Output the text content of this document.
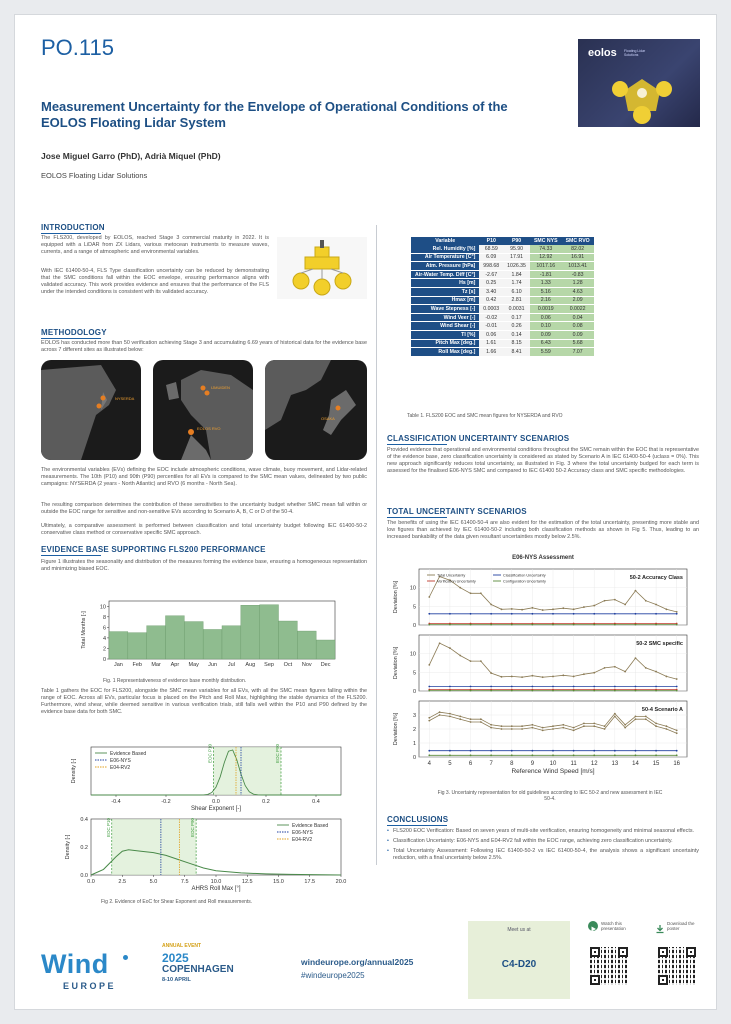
PO.115	eolos Floating Lidar Solutions
Measurement Uncertainty for the Envelope of Operational Conditions of the EOLOS Floating Lidar System
Jose Miguel Garro (PhD), Adrià Miquel (PhD)
EOLOS Floating Lidar Solutions
INTRODUCTION
The FLS200, developed by EOLOS, reached Stage 3 commercial maturity in 2022. It is equipped with a LiDAR from ZX Lidars, various metocean instruments to measure waves, currents, and a range of atmospheric and environmental variables.
With IEC 61400-50-4, FLS Type classification uncertainty can be reduced by demonstrating that the SMC conditions fall within the EOC envelope, ensuring performance aligns with validated accuracy. This work provides evidence and ensures that the performance of the FLS under the intended conditions is consistent with its validated accuracy.
METHODOLOGY
EOLOS has conducted more than 50 verification achieving Stage 3 and accumulating 6.69 years of historical data for the evidence base across 7 different sites as illustrated below:
NYSERDA
IJMUIDEN
EOLOS RVO
OSAKA
The environmental variables (EVs) defining the EOC include atmospheric conditions, wave climate, buoy movement, and Lidar-related measurements. The 10th (P10) and 90th (P90) percentiles for all EVs is compared to the SMC mean values, delineated by two public campaigns: NYSERDA (2 years - North Atlantic) and RVO (6 months - North Sea).
The resulting comparison determines the contribution of these sensitivities to the uncertainty budget whether SMC mean fall within or outside the EOC range for sensitive and non-sensitive EVs according to Scenario A, B, C or D of the 50-4.
Ultimately, a comparative assessment is performed between classification and total uncertainty budget following IEC 61400-50-2 conservative class method or conservative specific SMC approach.
EVIDENCE BASE SUPPORTING FLS200 PERFORMANCE
Figure 1 illustrates the seasonality and distribution of the measures forming the evidence base, ensuring a homogeneous representation and minimizing biased EOC.
0
2
4
6
8
10
Jan Feb Mar Apr May Jun Jul Aug Sep Oct Nov Dec
Total Months [-]
Fig. 1 Representativeness of evidence base monthly distribution.
Table 1 gathers the EOC for FLS200, alongside the SMC mean variables for all EVs, with all the SMC mean figures falling within the range of EOC. Across all EVs, particular focus is placed on the Pitch and Roll Max, highlighting the stable dynamics of the FLS200. Furthermore, wind shear, while deemed sensitive in various verification trials, still falls well within the P10 and P90 defined by the evidence base data for both SMC.
EOC P10	EOC P90
-0.4	-0.2	0.0	0.2	0.4
Shear Exponent [-]
Density [-]
Evidence Based
E06-NYS
E04-RV2
EOC P10	EOC P90
0.0	2.5	5.0	7.5	10.0	12.5	15.0	17.5	20.0
0.0
0.2
0.4
AHRS Roll Max [°]
Density [-]
Evidence Based
E06-NYS
E04-RV2
Fig 2. Evidence of EoC for Shear Exponent and Roll measurements.
Variable	P10	P90	SMC NYS	SMC RVO
Rel. Humidity [%]	68.59	95.90	74.33	82.02
Air Temperature [C°]	6.09	17.91	12.92	16.91
Atm. Pressure [hPa]	998.68	1026.35	1017.16	1013.41
Air-Water Temp. Diff [C°]	-2.67	1.84	-1.81	-0.83
Hs [m]	0.25	1.74	1.33	1.28
Tz [s]	3.40	6.10	5.16	4.63
Hmax [m]	0.42	2.81	2.16	2.09
Wave Stepness [-]	0.0003	0.0031	0.0019	0.0022
Wind Veer [-]	-0.02	0.17	0.06	0.04
Wind Shear [-]	-0.01	0.26	0.10	0.08
TI [%]	0.06	0.14	0.09	0.09
Pitch Max [deg.]	1.61	8.15	6.43	5.68
Roll Max [deg.]	1.66	8.41	5.59	7.07
Table 1. FLS200 EOC and SMC mean figures for NYSERDA and RVO
CLASSIFICATION UNCERTAINTY SCENARIOS
Provided evidence that operational and environmental conditions throughout the SMC remain within the EOC that is representative of the evidence base, zero classification uncertainty is considered as stated by Scenario A in IEC 61400-50-4 (uclass = 0%). This new approach significantly reduces total uncertainty, as illustrated in Fig. 3 where the total uncertainty budged for each term is assessed for the finalised E06-NYS SMC and compared to IEC 61400 50-2 Accuracy class and SMC specific methodologies.
TOTAL UNCERTAINTY SCENARIOS
The benefits of using the IEC 61400-50-4 are also evident for the estimation of the total uncertainty, presenting more stable and low figures than achieved by IEC 61400-50-2 including both classification methods as shown in Fig 5. Thus, leading to an increased bankability of the data given resultant uncertainties mostly below 2.5%.
E06-NYS Assessment
0
5
10
50-2 Accuracy Class
Deviation [%]
Total Uncertainty	Classification Uncertainty
Verification Uncertainty	Configuration Uncertainty
0
5
10
50-2 SMC specific
Deviation [%]
0
1
2
3
50-4 Scenario A
Deviation [%]
4	5	6	7	8	9	10 11 12 13 14 15 16
Reference Wind Speed [m/s]
Fig 3. Uncertainty representation for old guidelines according to IEC 50-2 and new assessment in IEC 50-4.
CONCLUSIONS
• FLS200 EOC Verification: Based on seven years of multi-site verification, ensuring homogeneity and minimal seasonal effects.
• Classification Uncertainty: E06-NYS and E04-RV2 fall within the EOC range, achieving zero classification uncertainty.
• Total Uncertainty Assessment: Following IEC 61400-50-2 vs IEC 61400-50-4, the analysis shows a significant uncertainty reduction, with a final uncertainty below 2.5%.
Wind
EUROPE
ANNUAL EVENT
2025
COPENHAGEN
8-10 APRIL
windeurope.org/annual2025
#windeurope2025
Meet us at
C4-D20
Watch this presentation
Download the poster
